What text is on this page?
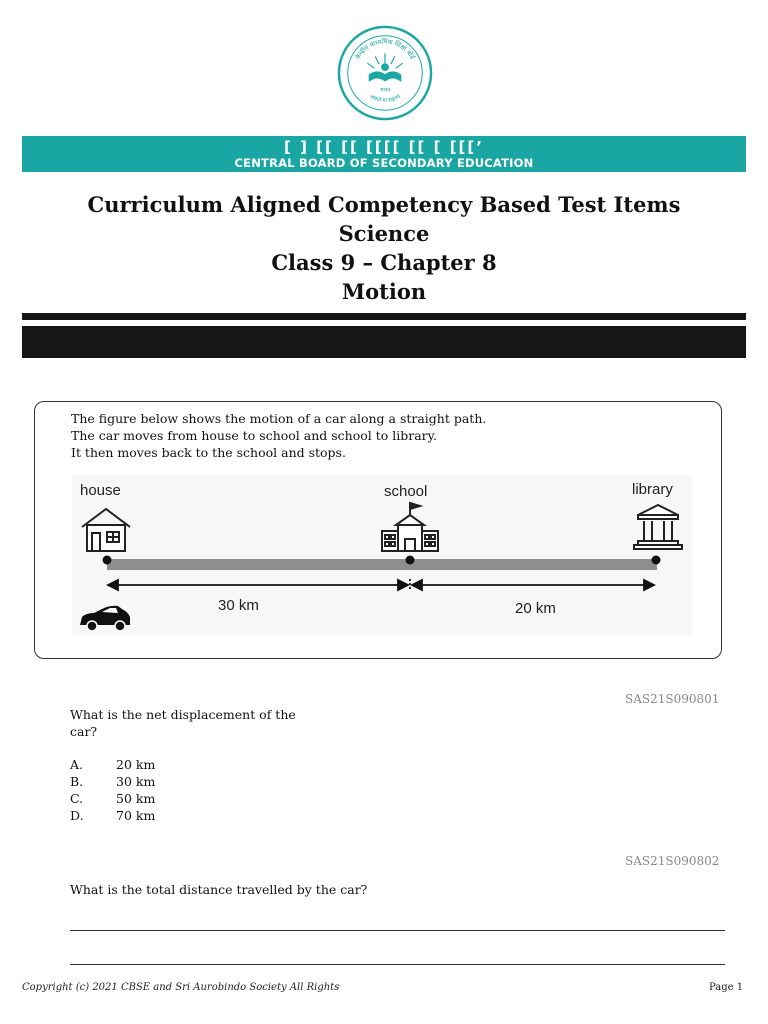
केन्द्रीय माध्यमिक शिक्षा बोर्ड
भारत
असतो मा सद्गमय
[ ] [[ [[ [[[[ [[ [ [[[’
CENTRAL BOARD OF SECONDARY EDUCATION
Curriculum Aligned Competency Based Test Items
Science
Class 9 – Chapter 8
Motion
The figure below shows the motion of a car along a straight path.
The car moves from house to school and school to library.
It then moves back to the school and stops.
house	school	library
30 km	20 km
SAS21S090801
What is the net displacement of the
car?
A.	20 km
B.	30 km
C.	50 km
D.	70 km
SAS21S090802
What is the total distance travelled by the car?
Copyright (c) 2021 CBSE and Sri Aurobindo Society All Rights	Page 1
